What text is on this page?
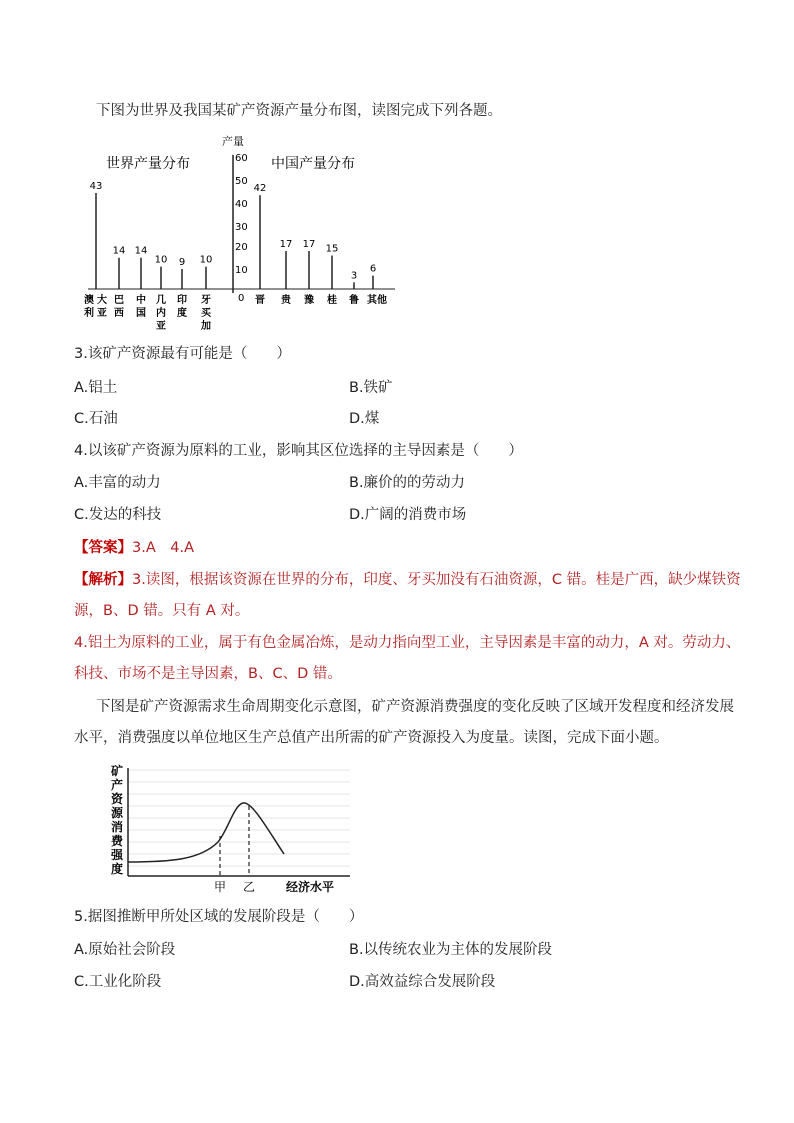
下图为世界及我国某矿产资源产量分布图，读图完成下列各题。
产量
60
50
40
30
20
10
0
世界产量分布	中国产量分布
43
14 14
10 9 10
42
17 17 15
3
6
澳
利
大
亚
巴
西
中
国
几
内
亚
印
度
牙
买
加
晋 贵 豫 桂 鲁 其他
3.该矿产资源最有可能是（　　）
A.铝土	B.铁矿
C.石油	D.煤
4.以该矿产资源为原料的工业，影响其区位选择的主导因素是（　　）
A.丰富的动力	B.廉价的的劳动力
C.发达的科技	D.广阔的消费市场
【答案】3.A　4.A
【解析】3.读图，根据该资源在世界的分布，印度、牙买加没有石油资源，C 错。桂是广西，缺少煤铁资
源，B、D 错。只有 A 对。
4.铝土为原料的工业，属于有色金属冶炼，是动力指向型工业，主导因素是丰富的动力，A 对。劳动力、
科技、市场不是主导因素，B、C、D 错。
下图是矿产资源需求生命周期变化示意图，矿产资源消费强度的变化反映了区域开发程度和经济发展
水平，消费强度以单位地区生产总值产出所需的矿产资源投入为度量。读图，完成下面小题。
矿
产
资
源
消
费
强
度
甲 乙	经济水平
5.据图推断甲所处区域的发展阶段是（　　）
A.原始社会阶段	B.以传统农业为主体的发展阶段
C.工业化阶段	D.高效益综合发展阶段
